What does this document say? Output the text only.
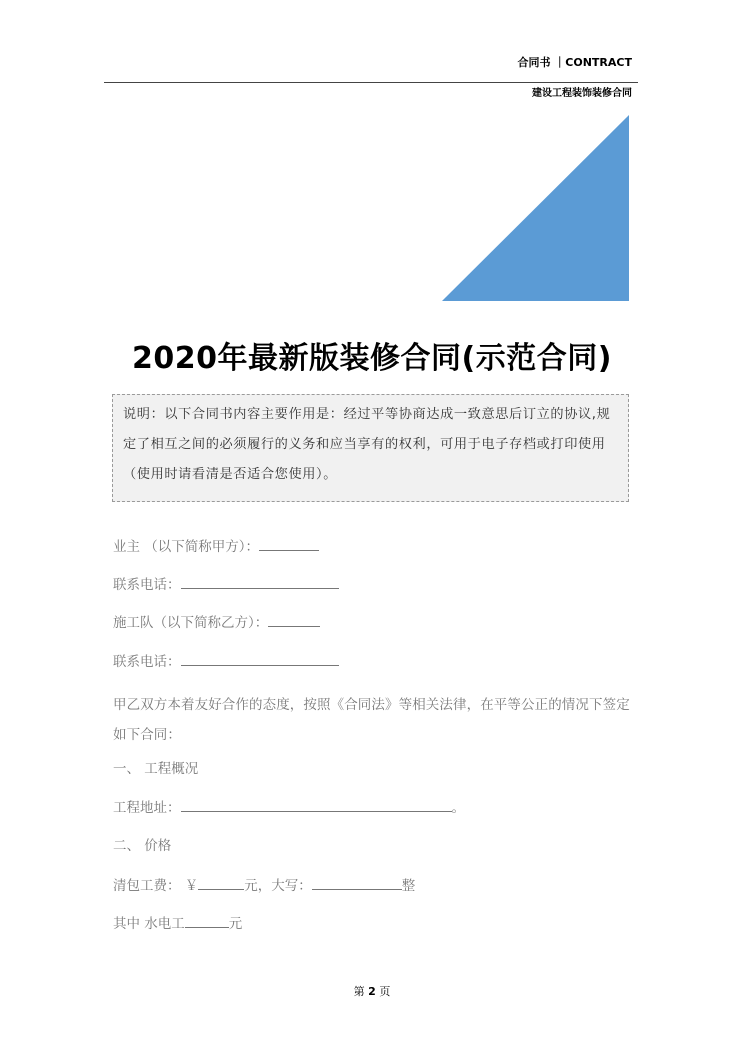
合同书 ｜CONTRACT
建设工程装饰装修合同
2020年最新版装修合同(示范合同)
说明：以下合同书内容主要作用是：经过平等协商达成一致意思后订立的协议,规定了相互之间的必须履行的义务和应当享有的权利，可用于电子存档或打印使用（使用时请看清是否适合您使用）。
业主 （以下简称甲方）：
联系电话：
施工队（以下简称乙方）：
联系电话：
甲乙双方本着友好合作的态度，按照《合同法》等相关法律，在平等公正的情况下签定如下合同：
一、 工程概况
工程地址：	。
二、 价格
清包工费： ￥	元，大写：	整
其中 水电工	元
第 2 页
